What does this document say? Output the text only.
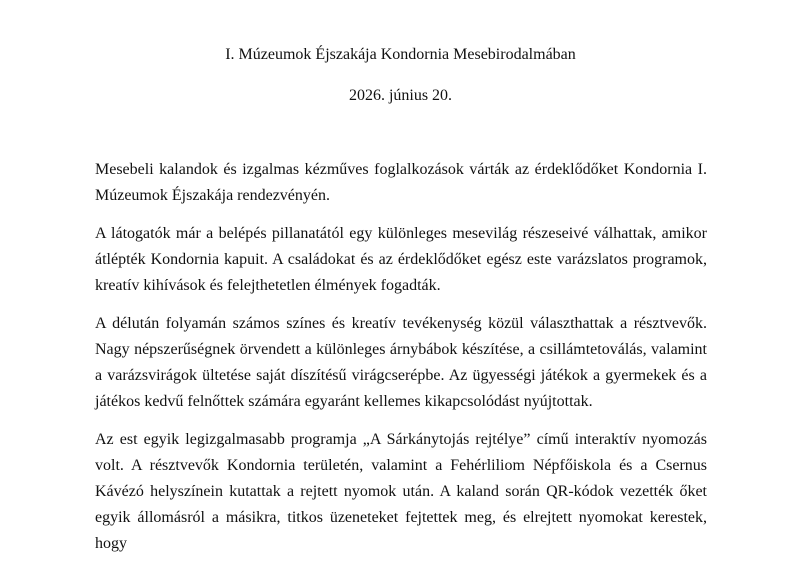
I. Múzeumok Éjszakája Kondornia Mesebirodalmában
2026. június 20.

Mesebeli kalandok és izgalmas kézműves foglalkozások várták az érdeklődőket Kondornia I. Múzeumok Éjszakája rendezvényén.

A látogatók már a belépés pillanatától egy különleges mesevilág részeseivé válhattak, amikor átlépték Kondornia kapuit. A családokat és az érdeklődőket egész este varázslatos programok, kreatív kihívások és felejthetetlen élmények fogadták.

A délután folyamán számos színes és kreatív tevékenység közül választhattak a résztvevők. Nagy népszerűségnek örvendett a különleges árnybábok készítése, a csillámtetoválás, valamint a varázsvirágok ültetése saját díszítésű virágcserépbe. Az ügyességi játékok a gyermekek és a játékos kedvű felnőttek számára egyaránt kellemes kikapcsolódást nyújtottak.

Az est egyik legizgalmasabb programja „A Sárkánytojás rejtélye” című interaktív nyomozás volt. A résztvevők Kondornia területén, valamint a Fehérliliom Népfőiskola és a Csernus Kávézó helyszínein kutattak a rejtett nyomok után. A kaland során QR-kódok vezették őket egyik állomásról a másikra, titkos üzeneteket fejtettek meg, és elrejtett nyomokat kerestek, hogy
